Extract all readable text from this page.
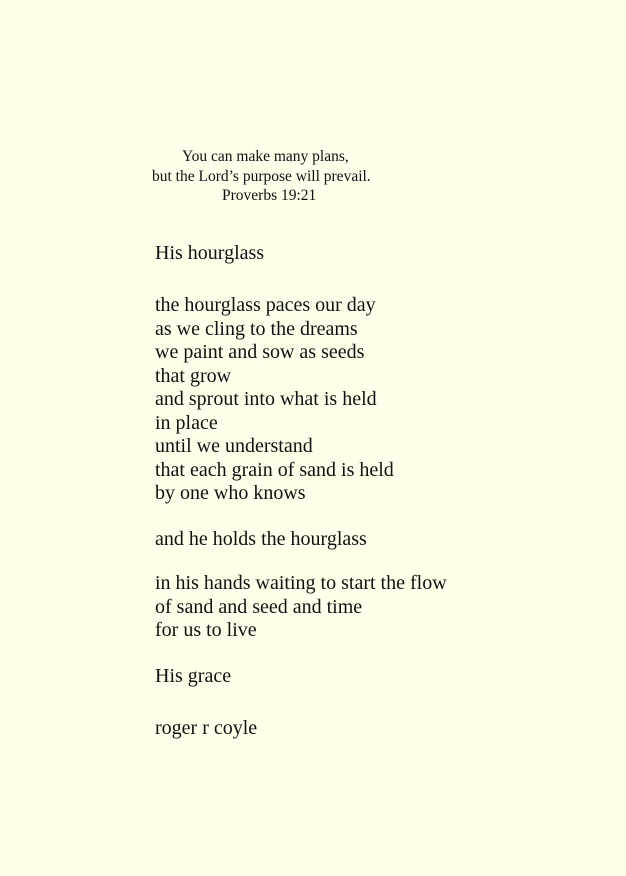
You can make many plans,
but the Lord’s purpose will prevail.
Proverbs 19:21
His hourglass
the hourglass paces our day
as we cling to the dreams
we paint and sow as seeds
that grow
and sprout into what is held
in place
until we understand
that each grain of sand is held
by one who knows
and he holds the hourglass
in his hands waiting to start the flow
of sand and seed and time
for us to live
His grace
roger r coyle
